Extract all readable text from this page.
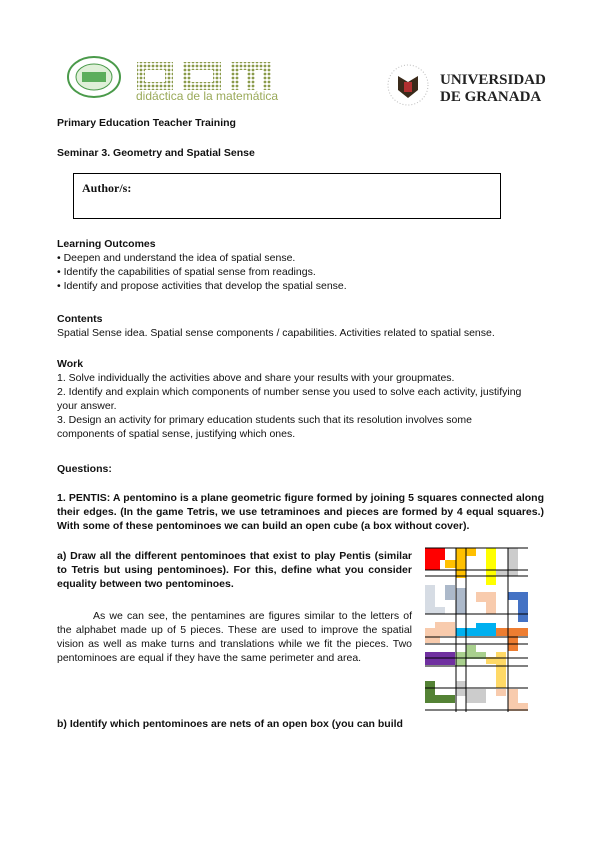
didáctica de la matemática
UNIVERSIDAD
DE GRANADA

Primary Education Teacher Training

Seminar 3. Geometry and Spatial Sense

Author/s:

Learning Outcomes

• Deepen and understand the idea of spatial sense.

• Identify the capabilities of spatial sense from readings.

• Identify and propose activities that develop the spatial sense.

Contents

Spatial Sense idea. Spatial sense components / capabilities. Activities related to spatial sense.

Work

1. Solve individually the activities above and share your results with your groupmates.

2. Identify and explain which components of number sense you used to solve each activity, justifying your answer.

3. Design an activity for primary education students such that its resolution involves some components of spatial sense, justifying which ones.

Questions:

1. PENTIS: A pentomino is a plane geometric figure formed by joining 5 squares connected along their edges. (In the game Tetris, we use tetraminoes and pieces are formed by 4 equal squares.) With some of these pentominoes we can build an open cube (a box without cover).

a) Draw all the different pentominoes that exist to play Pentis (similar to Tetris but using pentominoes). For this, define what you consider equality between two pentominoes.

As we can see, the pentamines are figures similar to the letters of the alphabet made up of 5 pieces. These are used to improve the spatial vision as well as make turns and translations while we fit the pieces. Two pentominoes are equal if they have the same perimeter and area.

b) Identify which pentominoes are nets of an open box (you can build
